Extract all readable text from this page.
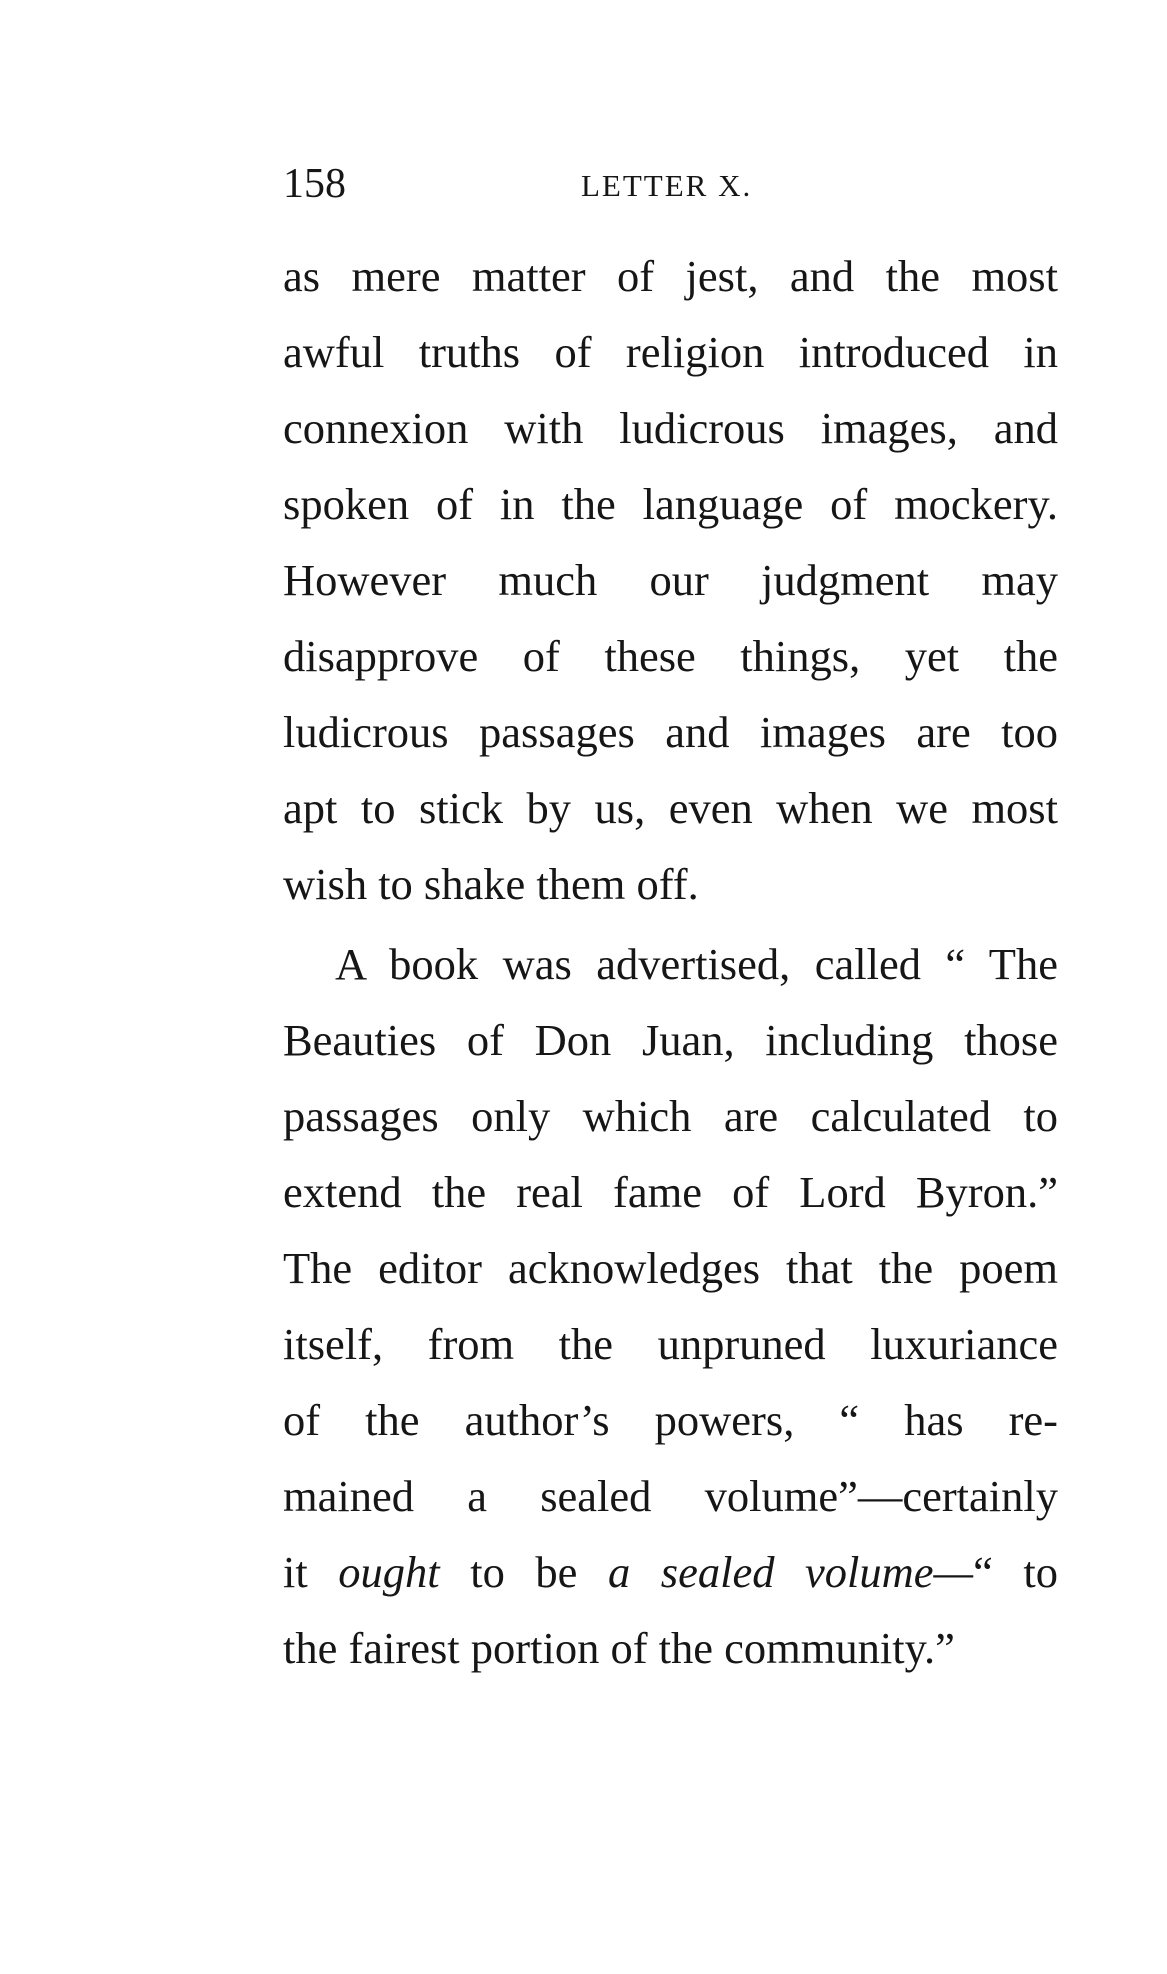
158	LETTER X.
as mere matter of jest, and the most
awful truths of religion introduced in
connexion with ludicrous images, and
spoken of in the language of mockery.
However much our judgment may
disapprove of these things, yet the
ludicrous passages and images are too
apt to stick by us, even when we most
wish to shake them off.
A book was advertised, called “ The
Beauties of Don Juan, including those
passages only which are calculated to
extend the real fame of Lord Byron.”
The editor acknowledges that the poem
itself, from the unpruned luxuriance
of the author’s powers, “ has re-
mained a sealed volume”—certainly
it ought to be a sealed volume—“ to
the fairest portion of the community.”
